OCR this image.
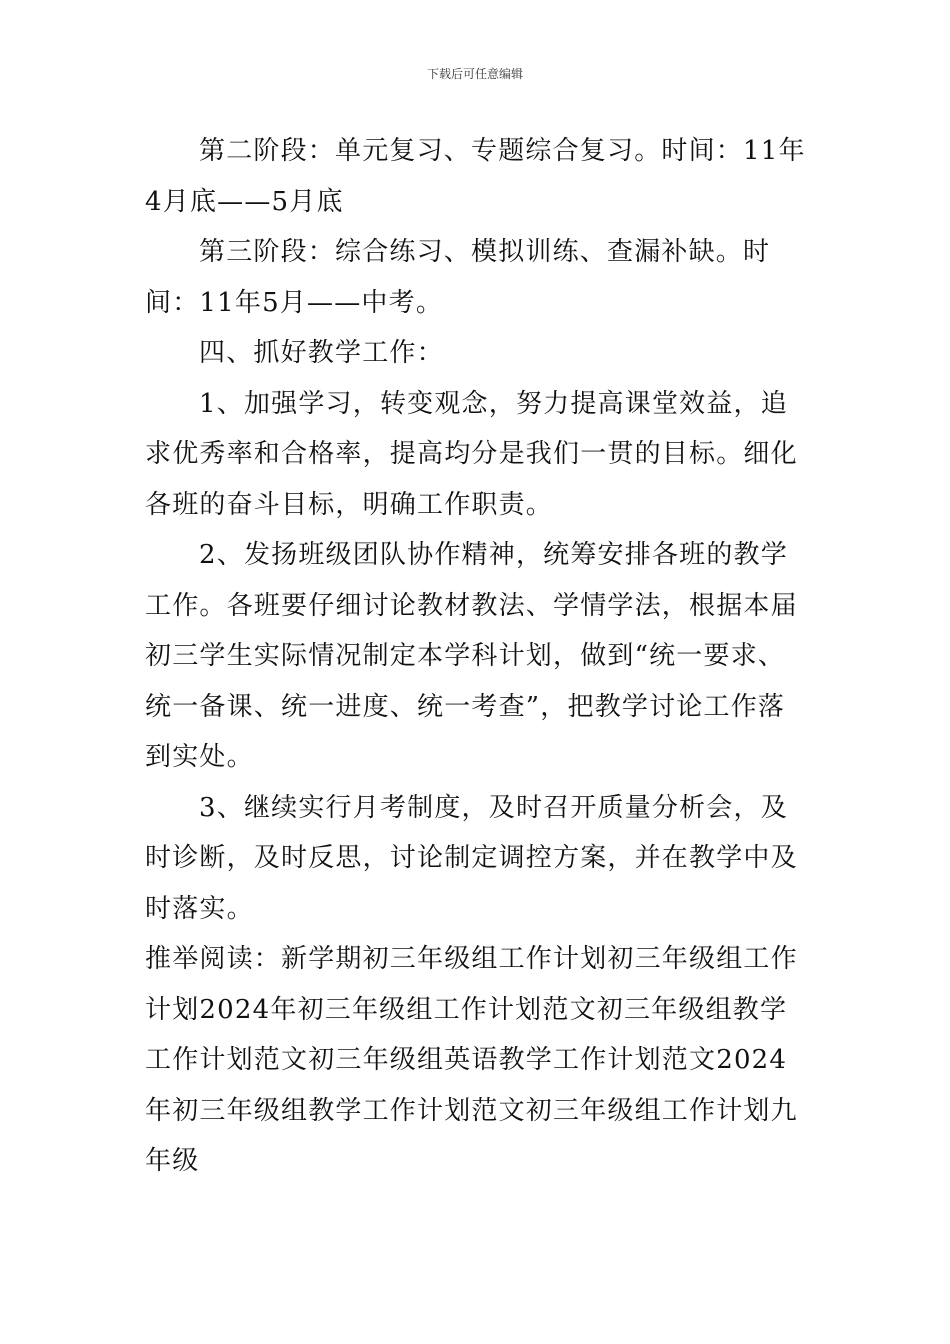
下载后可任意编辑

第二阶段：单元复习、专题综合复习。时间：11年4月底——5月底

第三阶段：综合练习、模拟训练、查漏补缺。时间：11年5月——中考。

四、抓好教学工作：

1、加强学习，转变观念，努力提高课堂效益，追求优秀率和合格率，提高均分是我们一贯的目标。细化各班的奋斗目标，明确工作职责。

2、发扬班级团队协作精神，统筹安排各班的教学工作。各班要仔细讨论教材教法、学情学法，根据本届初三学生实际情况制定本学科计划，做到“统一要求、统一备课、统一进度、统一考查”，把教学讨论工作落到实处。

3、继续实行月考制度，及时召开质量分析会，及时诊断，及时反思，讨论制定调控方案，并在教学中及时落实。

推举阅读：新学期初三年级组工作计划初三年级组工作计划2024年初三年级组工作计划范文初三年级组教学工作计划范文初三年级组英语教学工作计划范文2024年初三年级组教学工作计划范文初三年级组工作计划九年级
